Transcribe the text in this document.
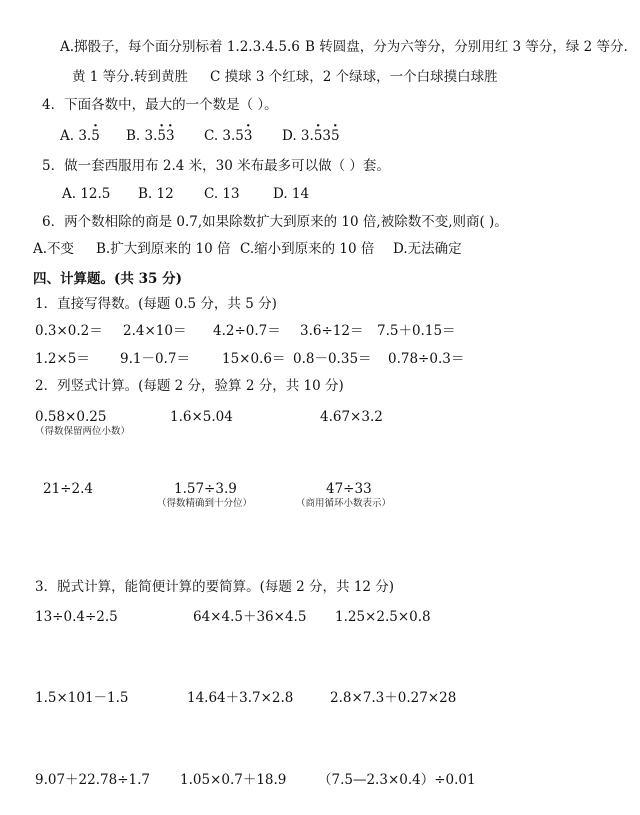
A.掷骰子，每个面分别标着 1.2.3.4.5.6 B 转圆盘，分为六等分，分别用红 3 等分，绿 2 等分.
黄 1 等分.转到黄胜 C 摸球 3 个红球，2 个绿球，一个白球摸白球胜
4．下面各数中，最大的一个数是（ ）。
A. 3.· 5 B. 3.· 5· 3 C. 3.5· 3 D. 3.· 53· 5
5．做一套西服用布 2.4 米，30 米布最多可以做（ ）套。
A. 12.5 B. 12 C. 13 D. 14
6．两个数相除的商是 0.7,如果除数扩大到原来的 10 倍,被除数不变,则商( )。
A.不变 B.扩大到原来的 10 倍 C.缩小到原来的 10 倍 D.无法确定
四、计算题。(共 35 分)
1．直接写得数。(每题 0.5 分，共 5 分)
0.3×0.2＝ 2.4×10＝ 4.2÷0.7＝ 3.6÷12＝ 7.5＋0.15＝
1.2×5＝ 9.1－0.7＝ 15×0.6＝ 0.8－0.35＝ 0.78÷0.3＝
2．列竖式计算。(每题 2 分，验算 2 分，共 10 分)
0.58×0.25	1.6×5.04	4.67×3.2
（得数保留两位小数）
21÷2.4	1.57÷3.9	47÷33
（得数精确到十分位）	（商用循环小数表示）
3．脱式计算，能简便计算的要简算。(每题 2 分，共 12 分)
13÷0.4÷2.5	64×4.5＋36×4.5 1.25×2.5×0.8
1.5×101－1.5	14.64＋3.7×2.8	2.8×7.3＋0.27×28
9.07＋22.78÷1.7 1.05×0.7＋18.9 （7.5—2.3×0.4）÷0.01
